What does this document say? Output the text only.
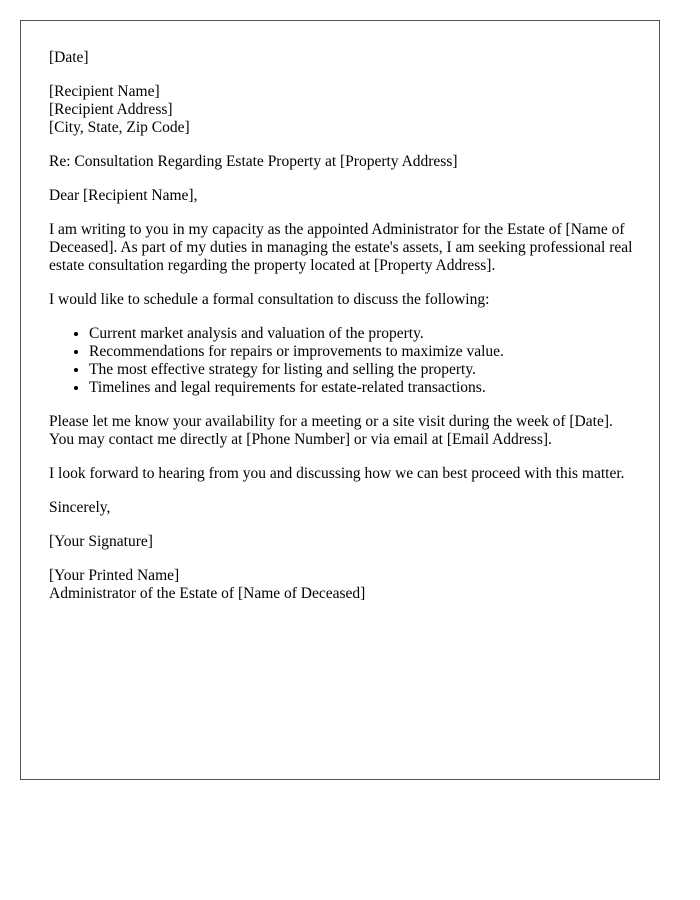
[Date]
[Recipient Name]
[Recipient Address]
[City, State, Zip Code]

Re: Consultation Regarding Estate Property at [Property Address]

Dear [Recipient Name],

I am writing to you in my capacity as the appointed Administrator for the Estate of [Name of Deceased]. As part of my duties in managing the estate's assets, I am seeking professional real estate consultation regarding the property located at [Property Address].

I would like to schedule a formal consultation to discuss the following:

• Current market analysis and valuation of the property.
• Recommendations for repairs or improvements to maximize value.
• The most effective strategy for listing and selling the property.
• Timelines and legal requirements for estate-related transactions.

Please let me know your availability for a meeting or a site visit during the week of [Date]. You may contact me directly at [Phone Number] or via email at [Email Address].

I look forward to hearing from you and discussing how we can best proceed with this matter.

Sincerely,

[Your Signature]

[Your Printed Name]
Administrator of the Estate of [Name of Deceased]
